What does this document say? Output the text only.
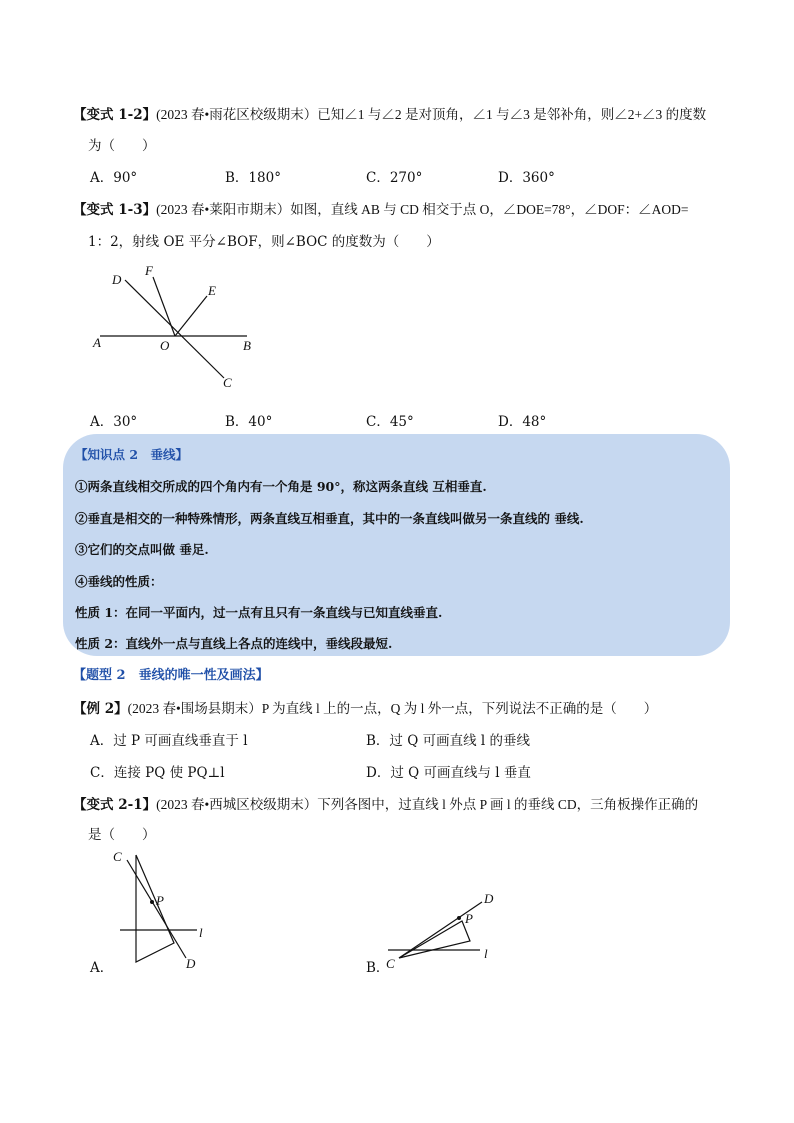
【变式 1-2】(2023 春•雨花区校级期末）已知∠1 与∠2 是对顶角，∠1 与∠3 是邻补角，则∠2+∠3 的度数
为（　　）
A．90°	B．180°	C．270°	D．360°
【变式 1-3】(2023 春•莱阳市期末）如图，直线 AB 与 CD 相交于点 O，∠DOE=78°，∠DOF：∠AOD=
1：2，射线 OE 平分∠BOF，则∠BOC 的度数为（　　）
D
F
E
A	O	B
C
A．30°	B．40°	C．45°	D．48°
【知识点 2　垂线】
①两条直线相交所成的四个角内有一个角是 90°，称这两条直线 互相垂直.
②垂直是相交的一种特殊情形，两条直线互相垂直，其中的一条直线叫做另一条直线的 垂线.
③它们的交点叫做 垂足.
④垂线的性质：
性质 1：在同一平面内，过一点有且只有一条直线与已知直线垂直.
性质 2：直线外一点与直线上各点的连线中，垂线段最短.
【题型 2　垂线的唯一性及画法】
【例 2】(2023 春•围场县期末）P 为直线 l 上的一点，Q 为 l 外一点，下列说法不正确的是（　　）
A．过 P 可画直线垂直于 l	B．过 Q 可画直线 l 的垂线
C．连接 PQ 使 PQ⊥l	D．过 Q 可画直线与 l 垂直
【变式 2-1】(2023 春•西城区校级期末）下列各图中，过直线 l 外点 P 画 l 的垂线 CD，三角板操作正确的
是（　　）
C
P
l
D
A．	C
P
l
D
B．
